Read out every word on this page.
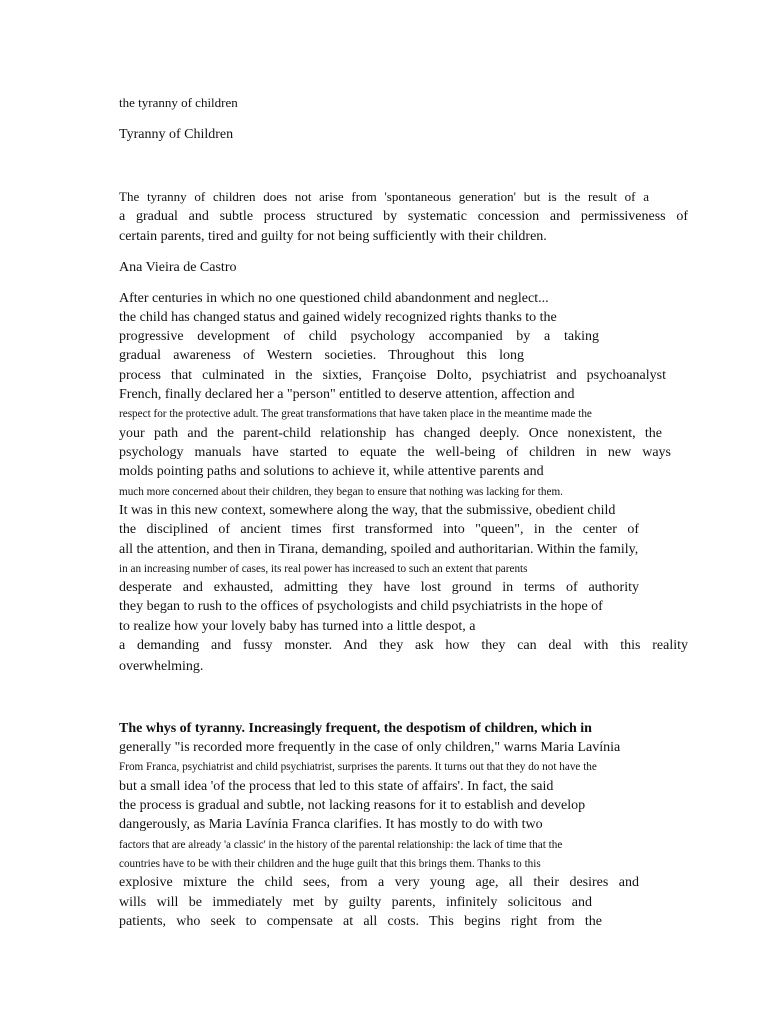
the tyranny of children
Tyranny of Children
The tyranny of children does not arise from 'spontaneous generation' but is the result of a
a gradual and subtle process structured by systematic concession and permissiveness of
certain parents, tired and guilty for not being sufficiently with their children.
Ana Vieira de Castro
After centuries in which no one questioned child abandonment and neglect...
the child has changed status and gained widely recognized rights thanks to the
progressive development of child psychology accompanied by a taking
gradual awareness of Western societies. Throughout this long
process that culminated in the sixties, Françoise Dolto, psychiatrist and psychoanalyst
French, finally declared her a "person" entitled to deserve attention, affection and
respect for the protective adult. The great transformations that have taken place in the meantime made the
your path and the parent-child relationship has changed deeply. Once nonexistent, the
psychology manuals have started to equate the well-being of children in new ways
molds pointing paths and solutions to achieve it, while attentive parents and
much more concerned about their children, they began to ensure that nothing was lacking for them.
It was in this new context, somewhere along the way, that the submissive, obedient child
the disciplined of ancient times first transformed into "queen", in the center of
all the attention, and then in Tirana, demanding, spoiled and authoritarian. Within the family,
in an increasing number of cases, its real power has increased to such an extent that parents
desperate and exhausted, admitting they have lost ground in terms of authority
they began to rush to the offices of psychologists and child psychiatrists in the hope of
to realize how your lovely baby has turned into a little despot, a
a demanding and fussy monster. And they ask how they can deal with this reality
overwhelming.
The whys of tyranny. Increasingly frequent, the despotism of children, which in
generally "is recorded more frequently in the case of only children," warns Maria Lavínia
From Franca, psychiatrist and child psychiatrist, surprises the parents. It turns out that they do not have the
but a small idea 'of the process that led to this state of affairs'. In fact, the said
the process is gradual and subtle, not lacking reasons for it to establish and develop
dangerously, as Maria Lavínia Franca clarifies. It has mostly to do with two
factors that are already 'a classic' in the history of the parental relationship: the lack of time that the
countries have to be with their children and the huge guilt that this brings them. Thanks to this
explosive mixture the child sees, from a very young age, all their desires and
wills will be immediately met by guilty parents, infinitely solicitous and
patients, who seek to compensate at all costs. This begins right from the
